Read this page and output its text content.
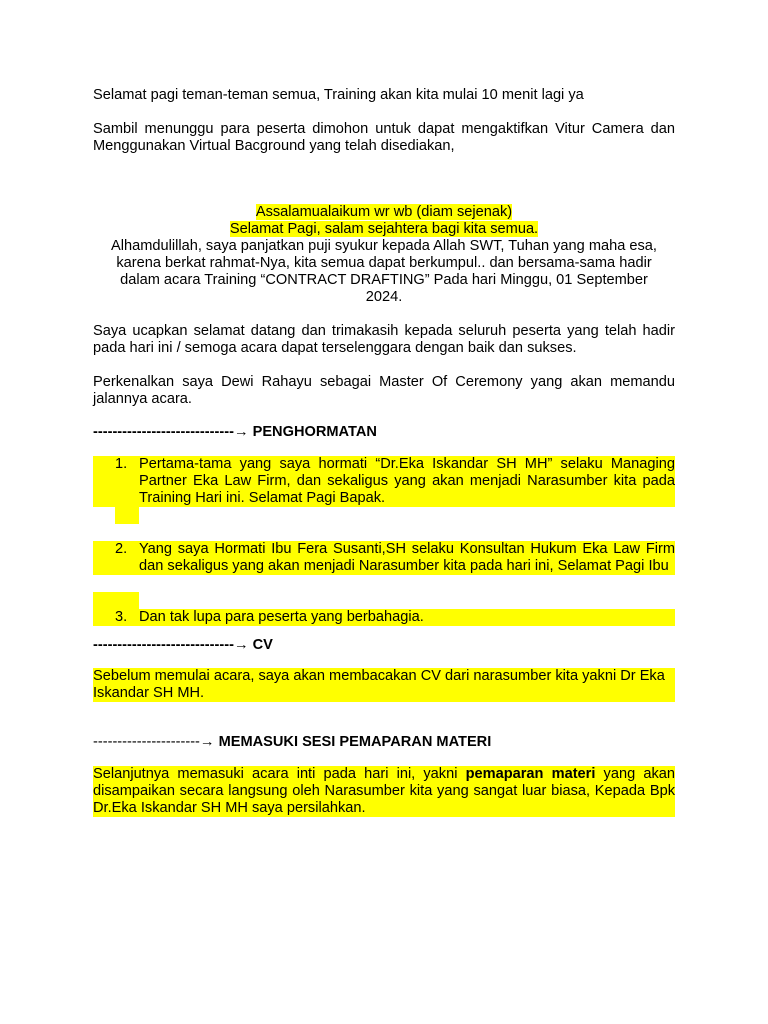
Selamat pagi teman-teman semua, Training akan kita mulai 10 menit lagi ya

Sambil menunggu para peserta dimohon untuk dapat mengaktifkan Vitur Camera dan Menggunakan Virtual Bacground yang telah disediakan,

Assalamualaikum wr wb (diam sejenak)
Selamat Pagi, salam sejahtera bagi kita semua.

Alhamdulillah, saya panjatkan puji syukur kepada Allah SWT, Tuhan yang maha esa, karena berkat rahmat-Nya, kita semua dapat berkumpul.. dan bersama-sama hadir dalam acara Training “CONTRACT DRAFTING” Pada hari Minggu, 01 September 2024.

Saya ucapkan selamat datang dan trimakasih kepada seluruh peserta yang telah hadir pada hari ini / semoga acara dapat terselenggara dengan baik dan sukses.

Perkenalkan saya Dewi Rahayu sebagai Master Of Ceremony yang akan memandu jalannya acara.

-----------------------------→ PENGHORMATAN

1. Pertama-tama yang saya hormati “Dr.Eka Iskandar SH MH” selaku Managing Partner Eka Law Firm, dan sekaligus yang akan menjadi Narasumber kita pada Training Hari ini. Selamat Pagi Bapak.
2. Yang saya Hormati Ibu Fera Susanti,SH selaku Konsultan Hukum Eka Law Firm dan sekaligus yang akan menjadi Narasumber kita pada hari ini, Selamat Pagi Ibu
3. Dan tak lupa para peserta yang berbahagia.

-----------------------------→ CV

Sebelum memulai acara, saya akan membacakan CV dari narasumber kita yakni Dr Eka Iskandar SH MH.

----------------------→ MEMASUKI SESI PEMAPARAN MATERI

Selanjutnya memasuki acara inti pada hari ini, yakni pemaparan materi yang akan disampaikan secara langsung oleh Narasumber kita yang sangat luar biasa, Kepada Bpk Dr.Eka Iskandar SH MH saya persilahkan.
